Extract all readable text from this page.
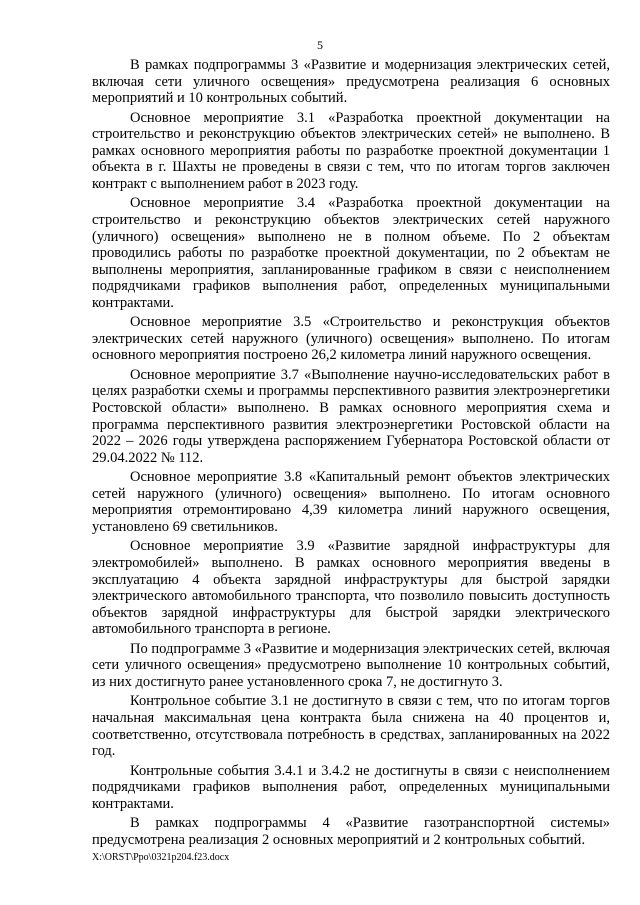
5

В рамках подпрограммы 3 «Развитие и модернизация электрических сетей, включая сети уличного освещения» предусмотрена реализация 6 основных мероприятий и 10 контрольных событий.

Основное мероприятие 3.1 «Разработка проектной документации на строительство и реконструкцию объектов электрических сетей» не выполнено. В рамках основного мероприятия работы по разработке проектной документации 1 объекта в г. Шахты не проведены в связи с тем, что по итогам торгов заключен контракт с выполнением работ в 2023 году.

Основное мероприятие 3.4 «Разработка проектной документации на строительство и реконструкцию объектов электрических сетей наружного (уличного) освещения» выполнено не в полном объеме. По 2 объектам проводились работы по разработке проектной документации, по 2 объектам не выполнены мероприятия, запланированные графиком в связи с неисполнением подрядчиками графиков выполнения работ, определенных муниципальными контрактами.

Основное мероприятие 3.5 «Строительство и реконструкция объектов электрических сетей наружного (уличного) освещения» выполнено. По итогам основного мероприятия построено 26,2 километра линий наружного освещения.

Основное мероприятие 3.7 «Выполнение научно-исследовательских работ в целях разработки схемы и программы перспективного развития электроэнергетики Ростовской области» выполнено. В рамках основного мероприятия схема и программа перспективного развития электроэнергетики Ростовской области на 2022 – 2026 годы утверждена распоряжением Губернатора Ростовской области от 29.04.2022 № 112.

Основное мероприятие 3.8 «Капитальный ремонт объектов электрических сетей наружного (уличного) освещения» выполнено. По итогам основного мероприятия отремонтировано 4,39 километра линий наружного освещения, установлено 69 светильников.

Основное мероприятие 3.9 «Развитие зарядной инфраструктуры для электромобилей» выполнено. В рамках основного мероприятия введены в эксплуатацию 4 объекта зарядной инфраструктуры для быстрой зарядки электрического автомобильного транспорта, что позволило повысить доступность объектов зарядной инфраструктуры для быстрой зарядки электрического автомобильного транспорта в регионе.

По подпрограмме 3 «Развитие и модернизация электрических сетей, включая сети уличного освещения» предусмотрено выполнение 10 контрольных событий, из них достигнуто ранее установленного срока 7, не достигнуто 3.

Контрольное событие 3.1 не достигнуто в связи с тем, что по итогам торгов начальная максимальная цена контракта была снижена на 40 процентов и, соответственно, отсутствовала потребность в средствах, запланированных на 2022 год.

Контрольные события 3.4.1 и 3.4.2 не достигнуты в связи с неисполнением подрядчиками графиков выполнения работ, определенных муниципальными контрактами.

В рамках подпрограммы 4 «Развитие газотранспортной системы» предусмотрена реализация 2 основных мероприятий и 2 контрольных событий.

X:\ORST\Ppo\0321p204.f23.docx
